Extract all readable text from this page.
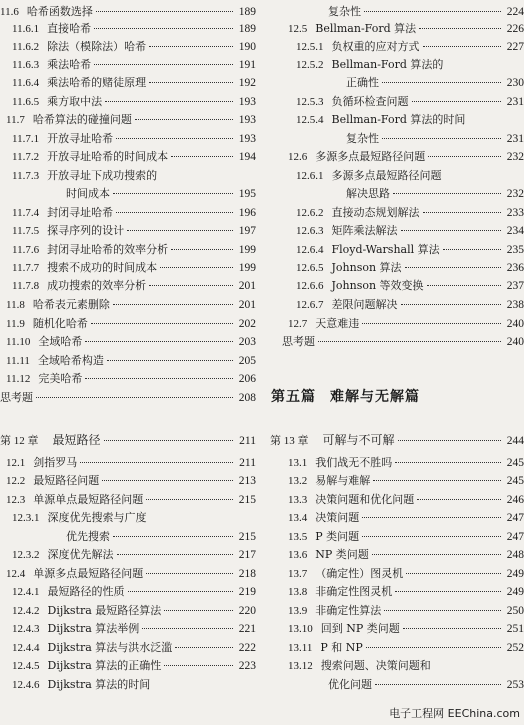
11.6 哈希函数选择	189
11.6.1 直接哈希	189
11.6.2 除法（模除法）哈希	190
11.6.3 乘法哈希	191
11.6.4 乘法哈希的赌徒原理	192
11.6.5 乘方取中法	193
11.7 哈希算法的碰撞问题	193
11.7.1 开放寻址哈希	193
11.7.2 开放寻址哈希的时间成本	194
11.7.3 开放寻址下成功搜索的
时间成本	195
11.7.4 封闭寻址哈希	196
11.7.5 探寻序列的设计	197
11.7.6 封闭寻址哈希的效率分析	199
11.7.7 搜索不成功的时间成本	199
11.7.8 成功搜索的效率分析	201
11.8 哈希表元素删除	201
11.9 随机化哈希	202
11.10 全域哈希	203
11.11 全域哈希构造	205
11.12 完美哈希	206
思考题	208
第 12 章 最短路径	211
12.1 剑指罗马	211
12.2 最短路径问题	213
12.3 单源单点最短路径问题	215
12.3.1 深度优先搜索与广度
优先搜索	215
12.3.2 深度优先解法	217
12.4 单源多点最短路径问题	218
12.4.1 最短路径的性质	219
12.4.2 Dijkstra 最短路径算法	220
12.4.3 Dijkstra 算法举例	221
12.4.4 Dijkstra 算法与洪水泛滥	222
12.4.5 Dijkstra 算法的正确性	223
12.4.6 Dijkstra 算法的时间
复杂性	224
12.5 Bellman-Ford 算法	226
12.5.1 负权重的应对方式	227
12.5.2 Bellman-Ford 算法的
正确性	230
12.5.3 负循环检查问题	231
12.5.4 Bellman-Ford 算法的时间
复杂性	231
12.6 多源多点最短路径问题	232
12.6.1 多源多点最短路径问题
解决思路	232
12.6.2 直接动态规划解法	233
12.6.3 矩阵乘法解法	234
12.6.4 Floyd-Warshall 算法	235
12.6.5 Johnson 算法	236
12.6.6 Johnson 等效变换	237
12.6.7 差限问题解决	238
12.7 天意难违	240
思考题	240
第 13 章 可解与不可解	244
13.1 我们战无不胜吗	245
13.2 易解与难解	245
13.3 决策问题和优化问题	246
13.4 决策问题	247
13.5 P 类问题	247
13.6 NP 类问题	248
13.7 （确定性）图灵机	249
13.8 非确定性图灵机	249
13.9 非确定性算法	250
13.10 回到 NP 类问题	251
13.11 P 和 NP	252
13.12 搜索问题、决策问题和
优化问题	253
第五篇 难解与无解篇
电子工程网 EEChina.com
